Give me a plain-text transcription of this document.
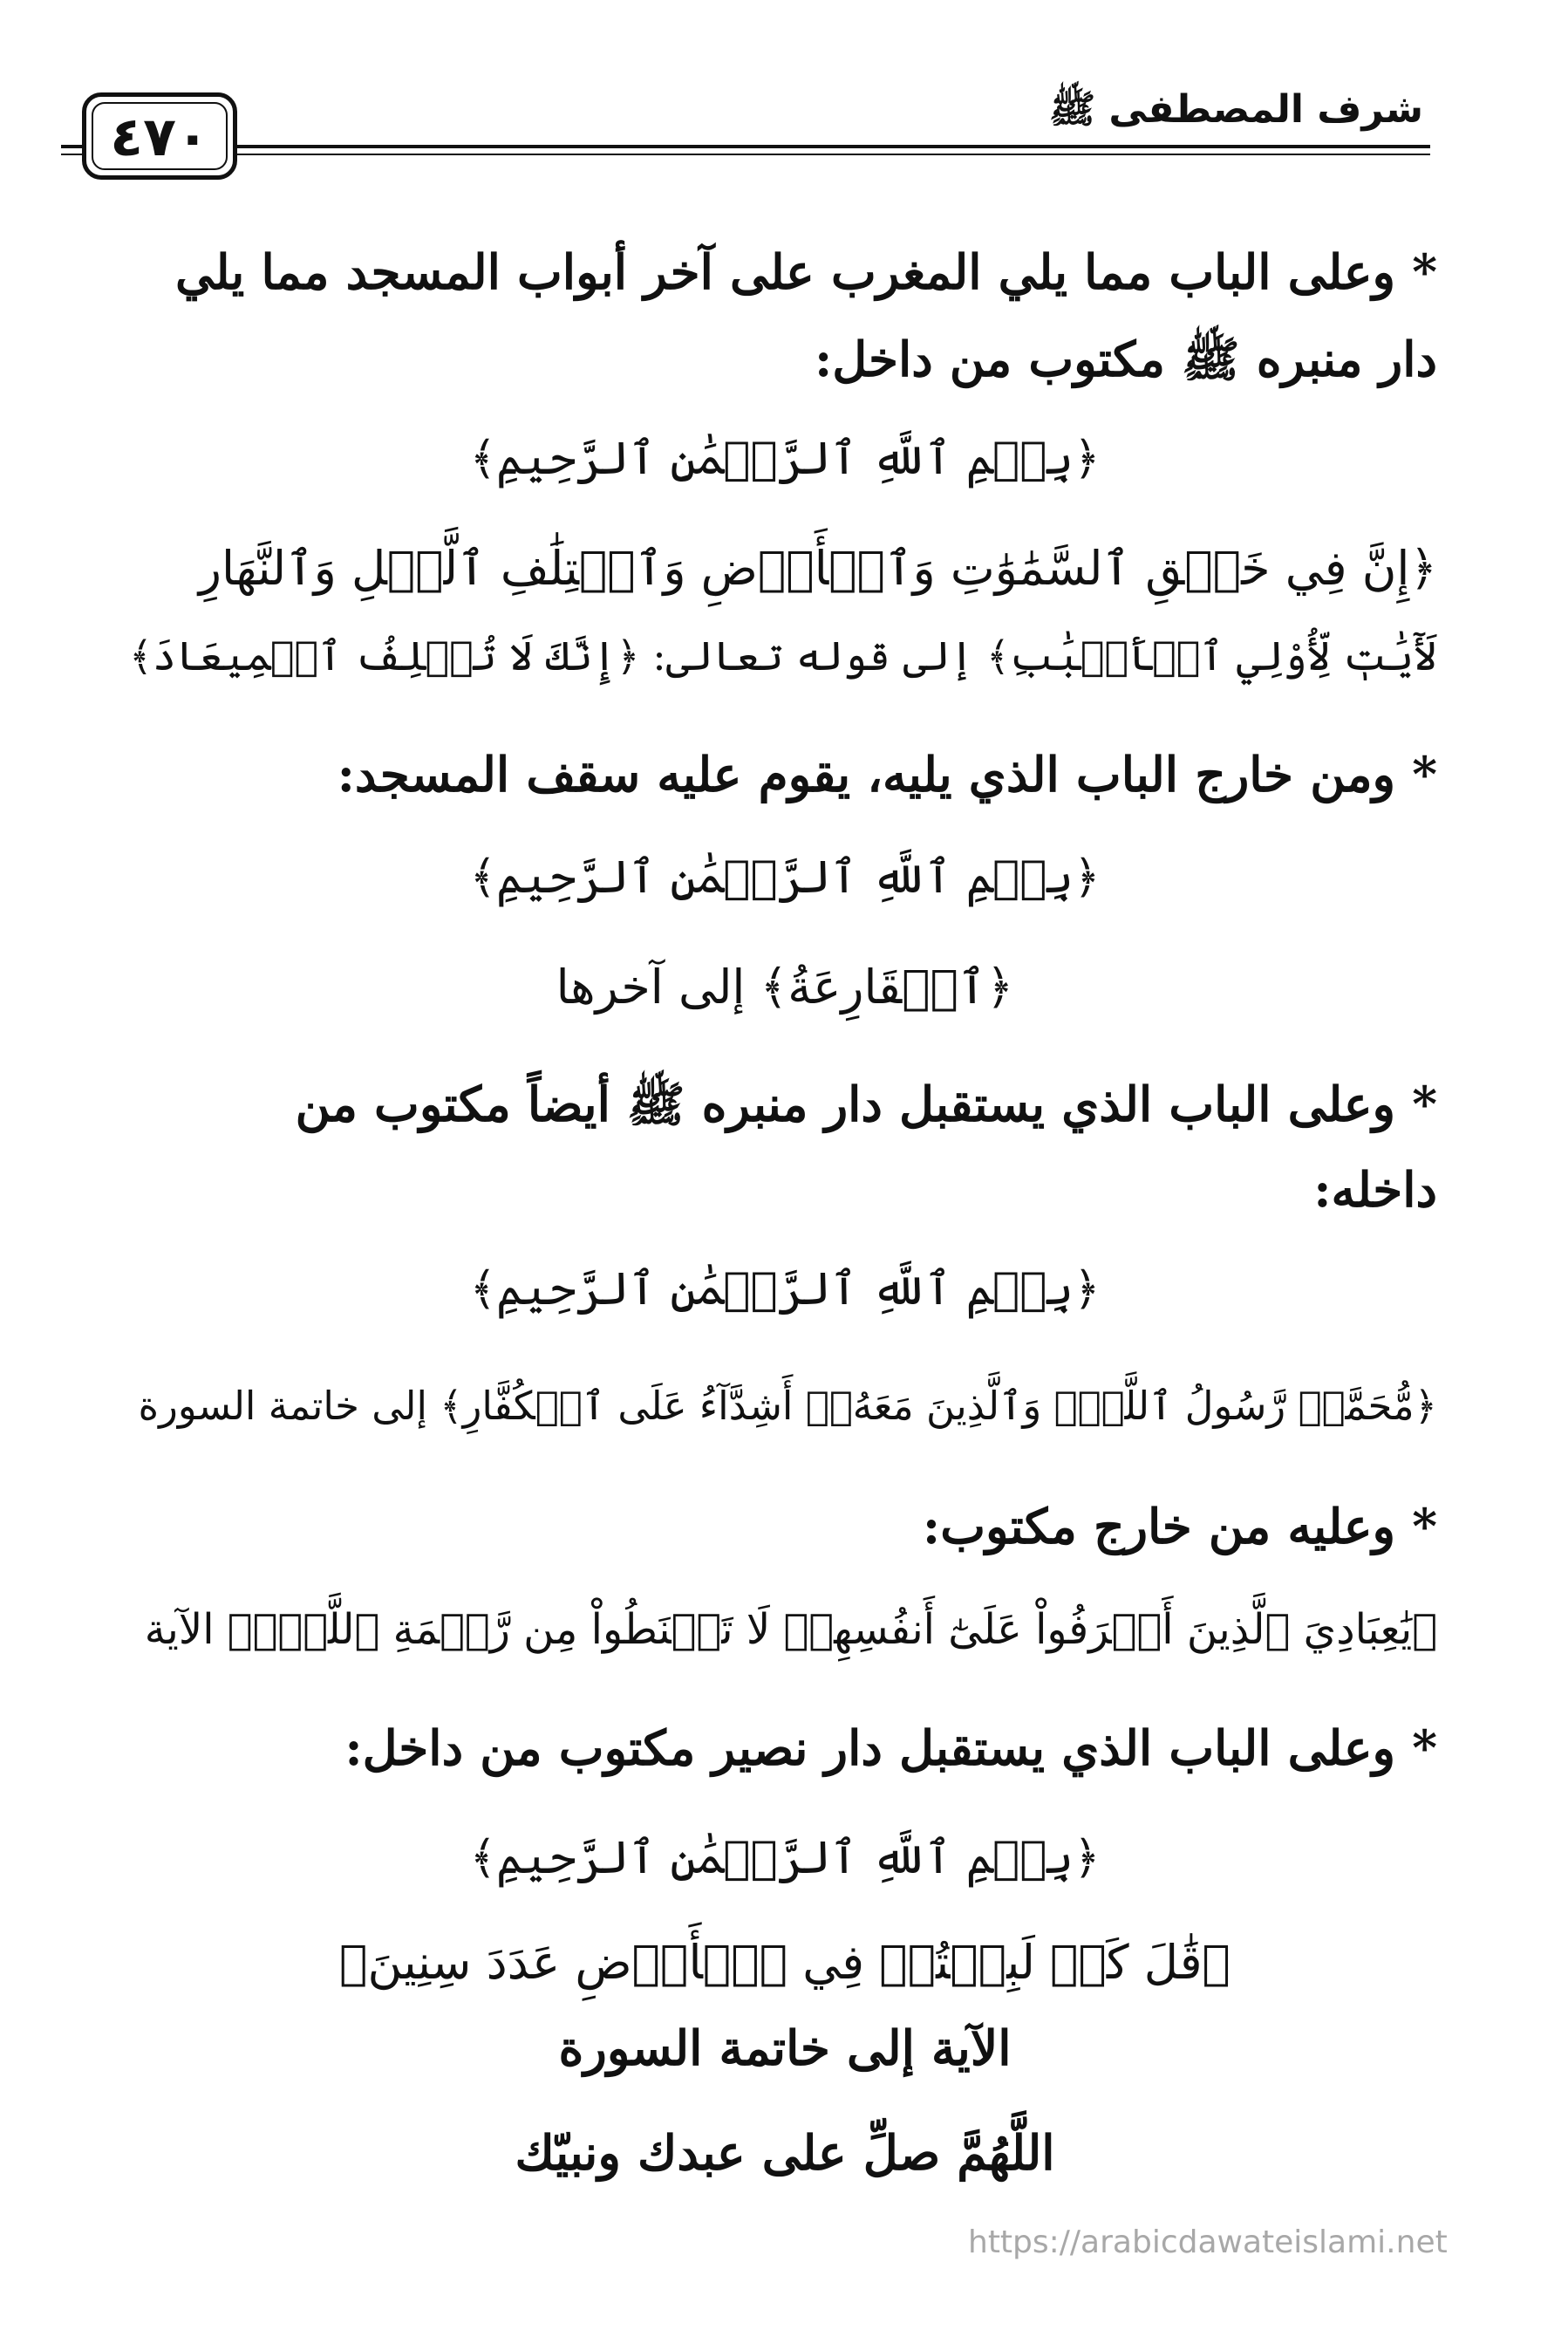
٤٧٠	شرف المصطفى ﷺ
* وعلى الباب مما يلي المغرب على آخر أبواب المسجد مما يلي
دار منبره ﷺ مكتوب من داخل:
﴿بِسۡمِ ٱللَّهِ ٱلرَّحۡمَٰنِ ٱلرَّحِيمِ﴾
﴿إِنَّ فِي خَلۡقِ ٱلسَّمَٰوَٰتِ وَٱلۡأَرۡضِ وَٱخۡتِلَٰفِ ٱلَّيۡلِ وَٱلنَّهَارِ
لَأٓيَٰتٖ لِّأُوْلِي ٱلۡأَلۡبَٰبِ﴾ إلى قوله تعالى: ﴿إِنَّكَ لَا تُخۡلِفُ ٱلۡمِيعَادَ﴾
* ومن خارج الباب الذي يليه، يقوم عليه سقف المسجد:
﴿بِسۡمِ ٱللَّهِ ٱلرَّحۡمَٰنِ ٱلرَّحِيمِ﴾
﴿ٱلۡقَارِعَةُ﴾ إلى آخرها
* وعلى الباب الذي يستقبل دار منبره ﷺ أيضاً مكتوب من
داخله:
﴿بِسۡمِ ٱللَّهِ ٱلرَّحۡمَٰنِ ٱلرَّحِيمِ﴾
﴿مُّحَمَّدٞ رَّسُولُ ٱللَّهِۚ وَٱلَّذِينَ مَعَهُۥٓ أَشِدَّآءُ عَلَى ٱلۡكُفَّارِ﴾ إلى خاتمة السورة
* وعليه من خارج مكتوب:
﴿يَٰعِبَادِيَ ٱلَّذِينَ أَسۡرَفُواْ عَلَىٰٓ أَنفُسِهِمۡ لَا تَقۡنَطُواْ مِن رَّحۡمَةِ ٱللَّهِۚ﴾ الآية
* وعلى الباب الذي يستقبل دار نصير مكتوب من داخل:
﴿بِسۡمِ ٱللَّهِ ٱلرَّحۡمَٰنِ ٱلرَّحِيمِ﴾
﴿قَٰلَ كَمۡ لَبِثۡتُمۡ فِي ٱلۡأَرۡضِ عَدَدَ سِنِينَ﴾
الآية إلى خاتمة السورة
اللَّهُمَّ صلِّ على عبدك ونبيّك
https://arabicdawateislami.net
